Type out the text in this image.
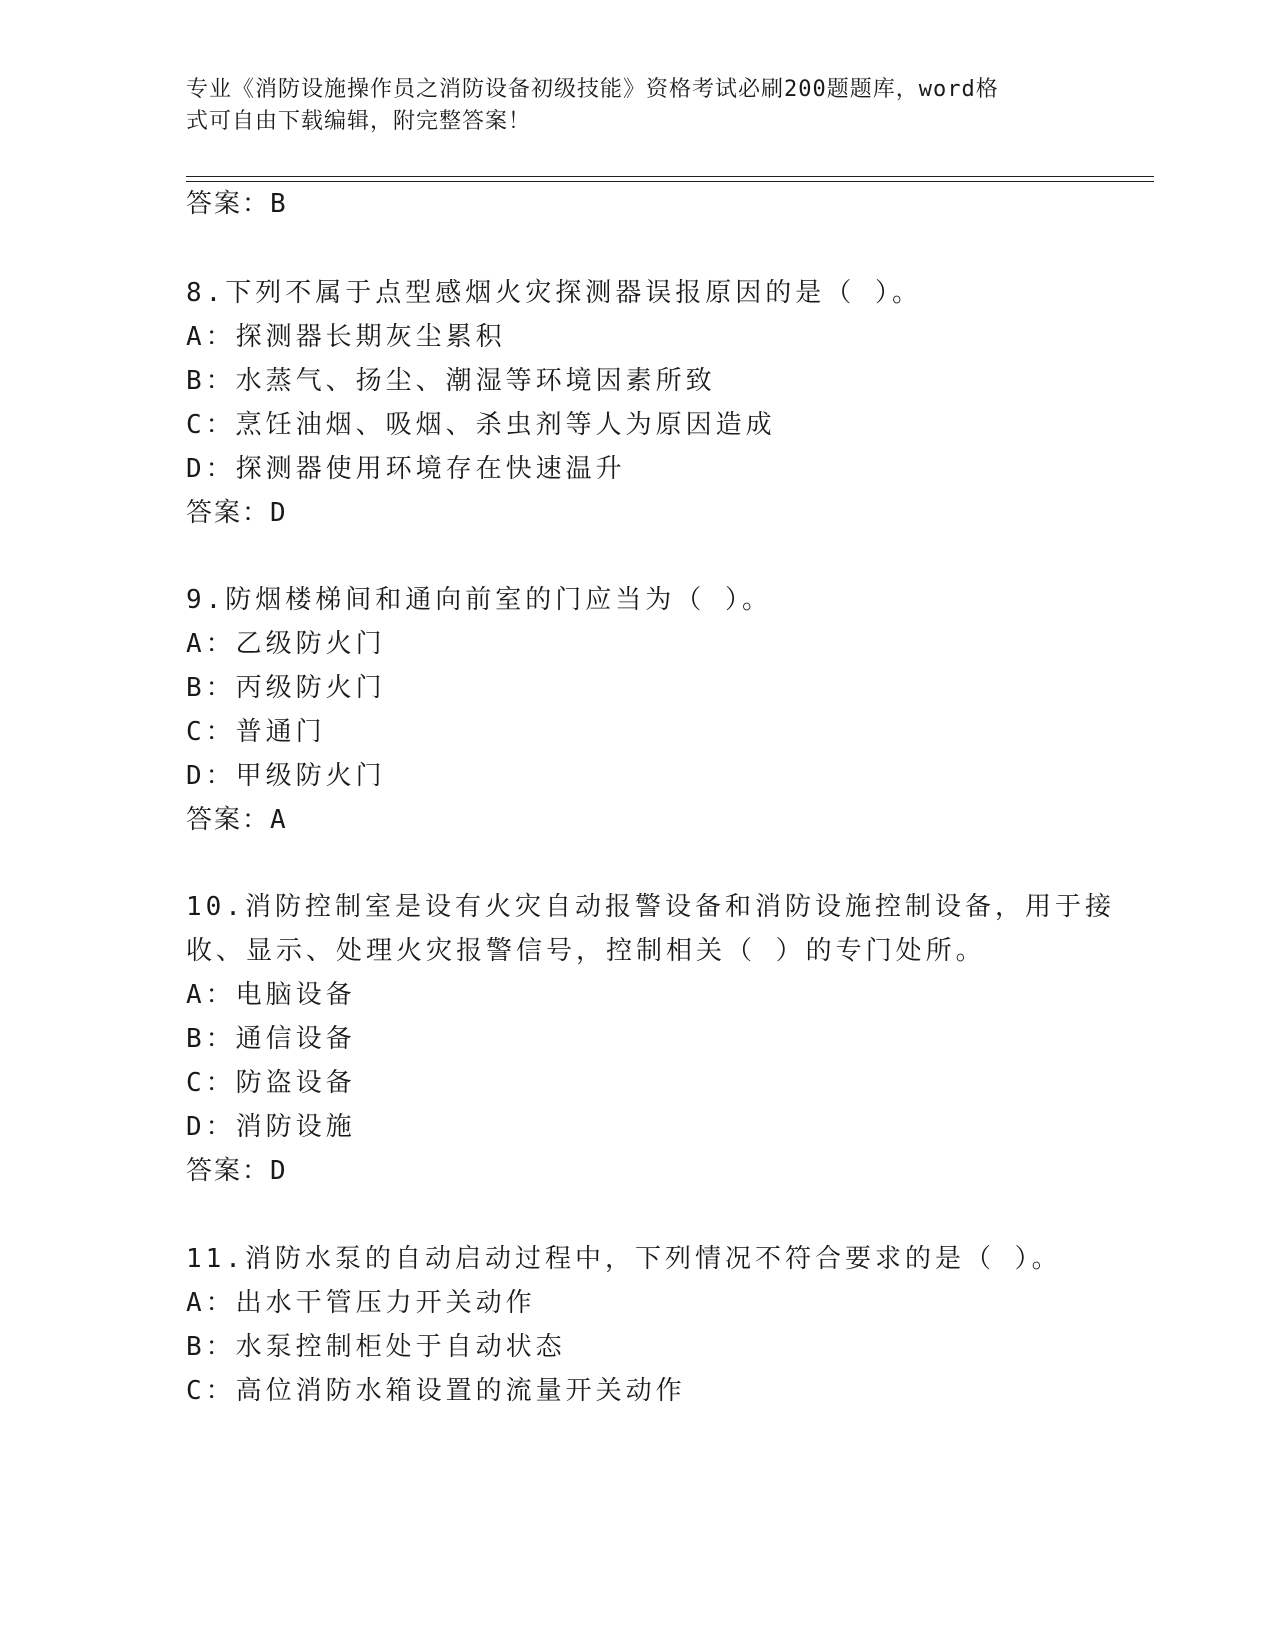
专业《消防设施操作员之消防设备初级技能》资格考试必刷200题题库，word格
式可自由下载编辑，附完整答案！
答案：B
8.下列不属于点型感烟火灾探测器误报原因的是（ ）。
A：探测器长期灰尘累积
B：水蒸气、扬尘、潮湿等环境因素所致
C：烹饪油烟、吸烟、杀虫剂等人为原因造成
D：探测器使用环境存在快速温升
答案：D
9.防烟楼梯间和通向前室的门应当为（ ）。
A：乙级防火门
B：丙级防火门
C：普通门
D：甲级防火门
答案：A
10.消防控制室是设有火灾自动报警设备和消防设施控制设备，用于接
收、显示、处理火灾报警信号，控制相关（ ）的专门处所。
A：电脑设备
B：通信设备
C：防盗设备
D：消防设施
答案：D
11.消防水泵的自动启动过程中，下列情况不符合要求的是（ ）。
A：出水干管压力开关动作
B：水泵控制柜处于自动状态
C：高位消防水箱设置的流量开关动作
